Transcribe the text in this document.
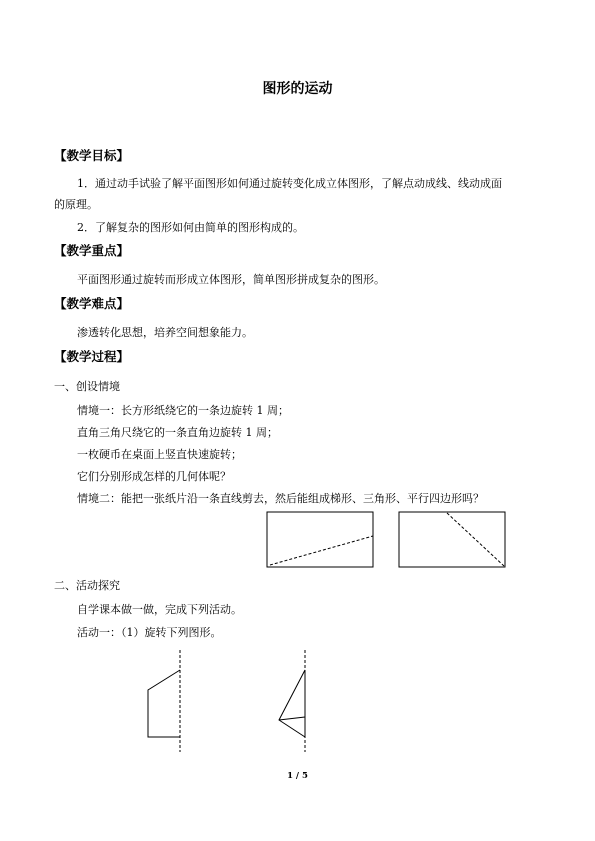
图形的运动
【教学目标】
1．通过动手试验了解平面图形如何通过旋转变化成立体图形，了解点动成线、线动成面
的原理。
2．了解复杂的图形如何由简单的图形构成的。
【教学重点】
平面图形通过旋转而形成立体图形，简单图形拼成复杂的图形。
【教学难点】
渗透转化思想，培养空间想象能力。
【教学过程】
一、创设情境
情境一：长方形纸绕它的一条边旋转 1 周；
直角三角尺绕它的一条直角边旋转 1 周；
一枚硬币在桌面上竖直快速旋转；
它们分别形成怎样的几何体呢？
情境二：能把一张纸片沿一条直线剪去，然后能组成梯形、三角形、平行四边形吗？
二、活动探究
自学课本做一做，完成下列活动。
活动一：（1）旋转下列图形。
1 / 5
